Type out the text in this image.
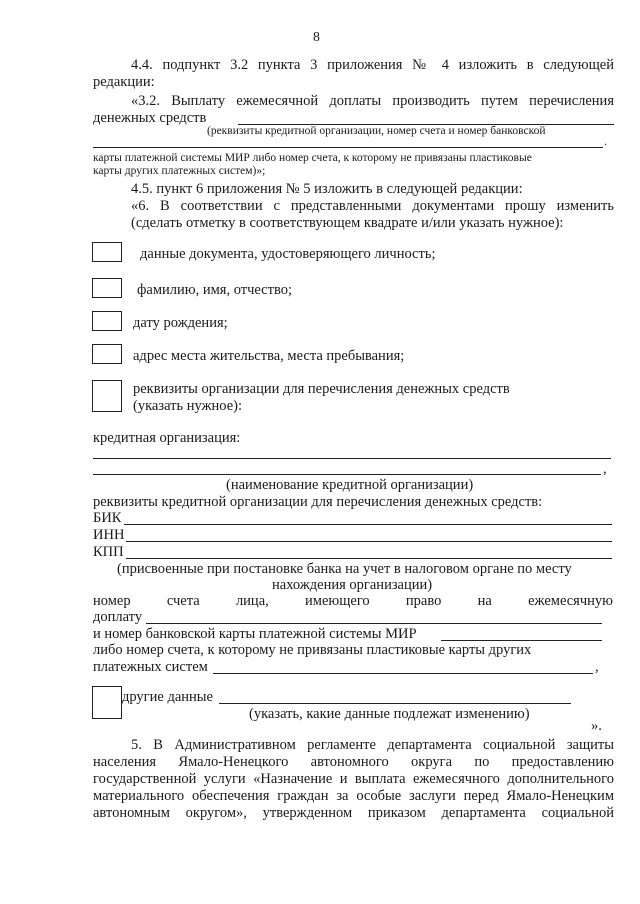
8
4.4. подпункт 3.2 пункта 3 приложения № 4 изложить в следующей
редакции:
«3.2. Выплату ежемесячной доплаты производить путем перечисления
денежных средств
(реквизиты кредитной организации, номер счета и номер банковской
.
карты платежной системы МИР либо номер счета, к которому не привязаны пластиковые
карты других платежных систем)»;
4.5. пункт 6 приложения № 5 изложить в следующей редакции:
«6. В соответствии с представленными документами прошу изменить
(сделать отметку в соответствующем квадрате и/или указать нужное):
данные документа, удостоверяющего личность;
фамилию, имя, отчество;
дату рождения;
адрес места жительства, места пребывания;
реквизиты организации для перечисления денежных средств
(указать нужное):
кредитная организация:
,
(наименование кредитной организации)
реквизиты кредитной организации для перечисления денежных средств:
БИК
ИНН
КПП
(присвоенные при постановке банка на учет в налоговом органе по месту
нахождения организации)
номер счета лица, имеющего право на ежемесячную
доплату
и номер банковской карты платежной системы МИР
либо номер счета, к которому не привязаны пластиковые карты других
платежных систем	,
другие данные
(указать, какие данные подлежат изменению)
».
5. В Административном регламенте департамента социальной защиты
населения Ямало-Ненецкого автономного округа по предоставлению
государственной услуги «Назначение и выплата ежемесячного дополнительного
материального обеспечения граждан за особые заслуги перед Ямало-Ненецким
автономным округом», утвержденном приказом департамента социальной
